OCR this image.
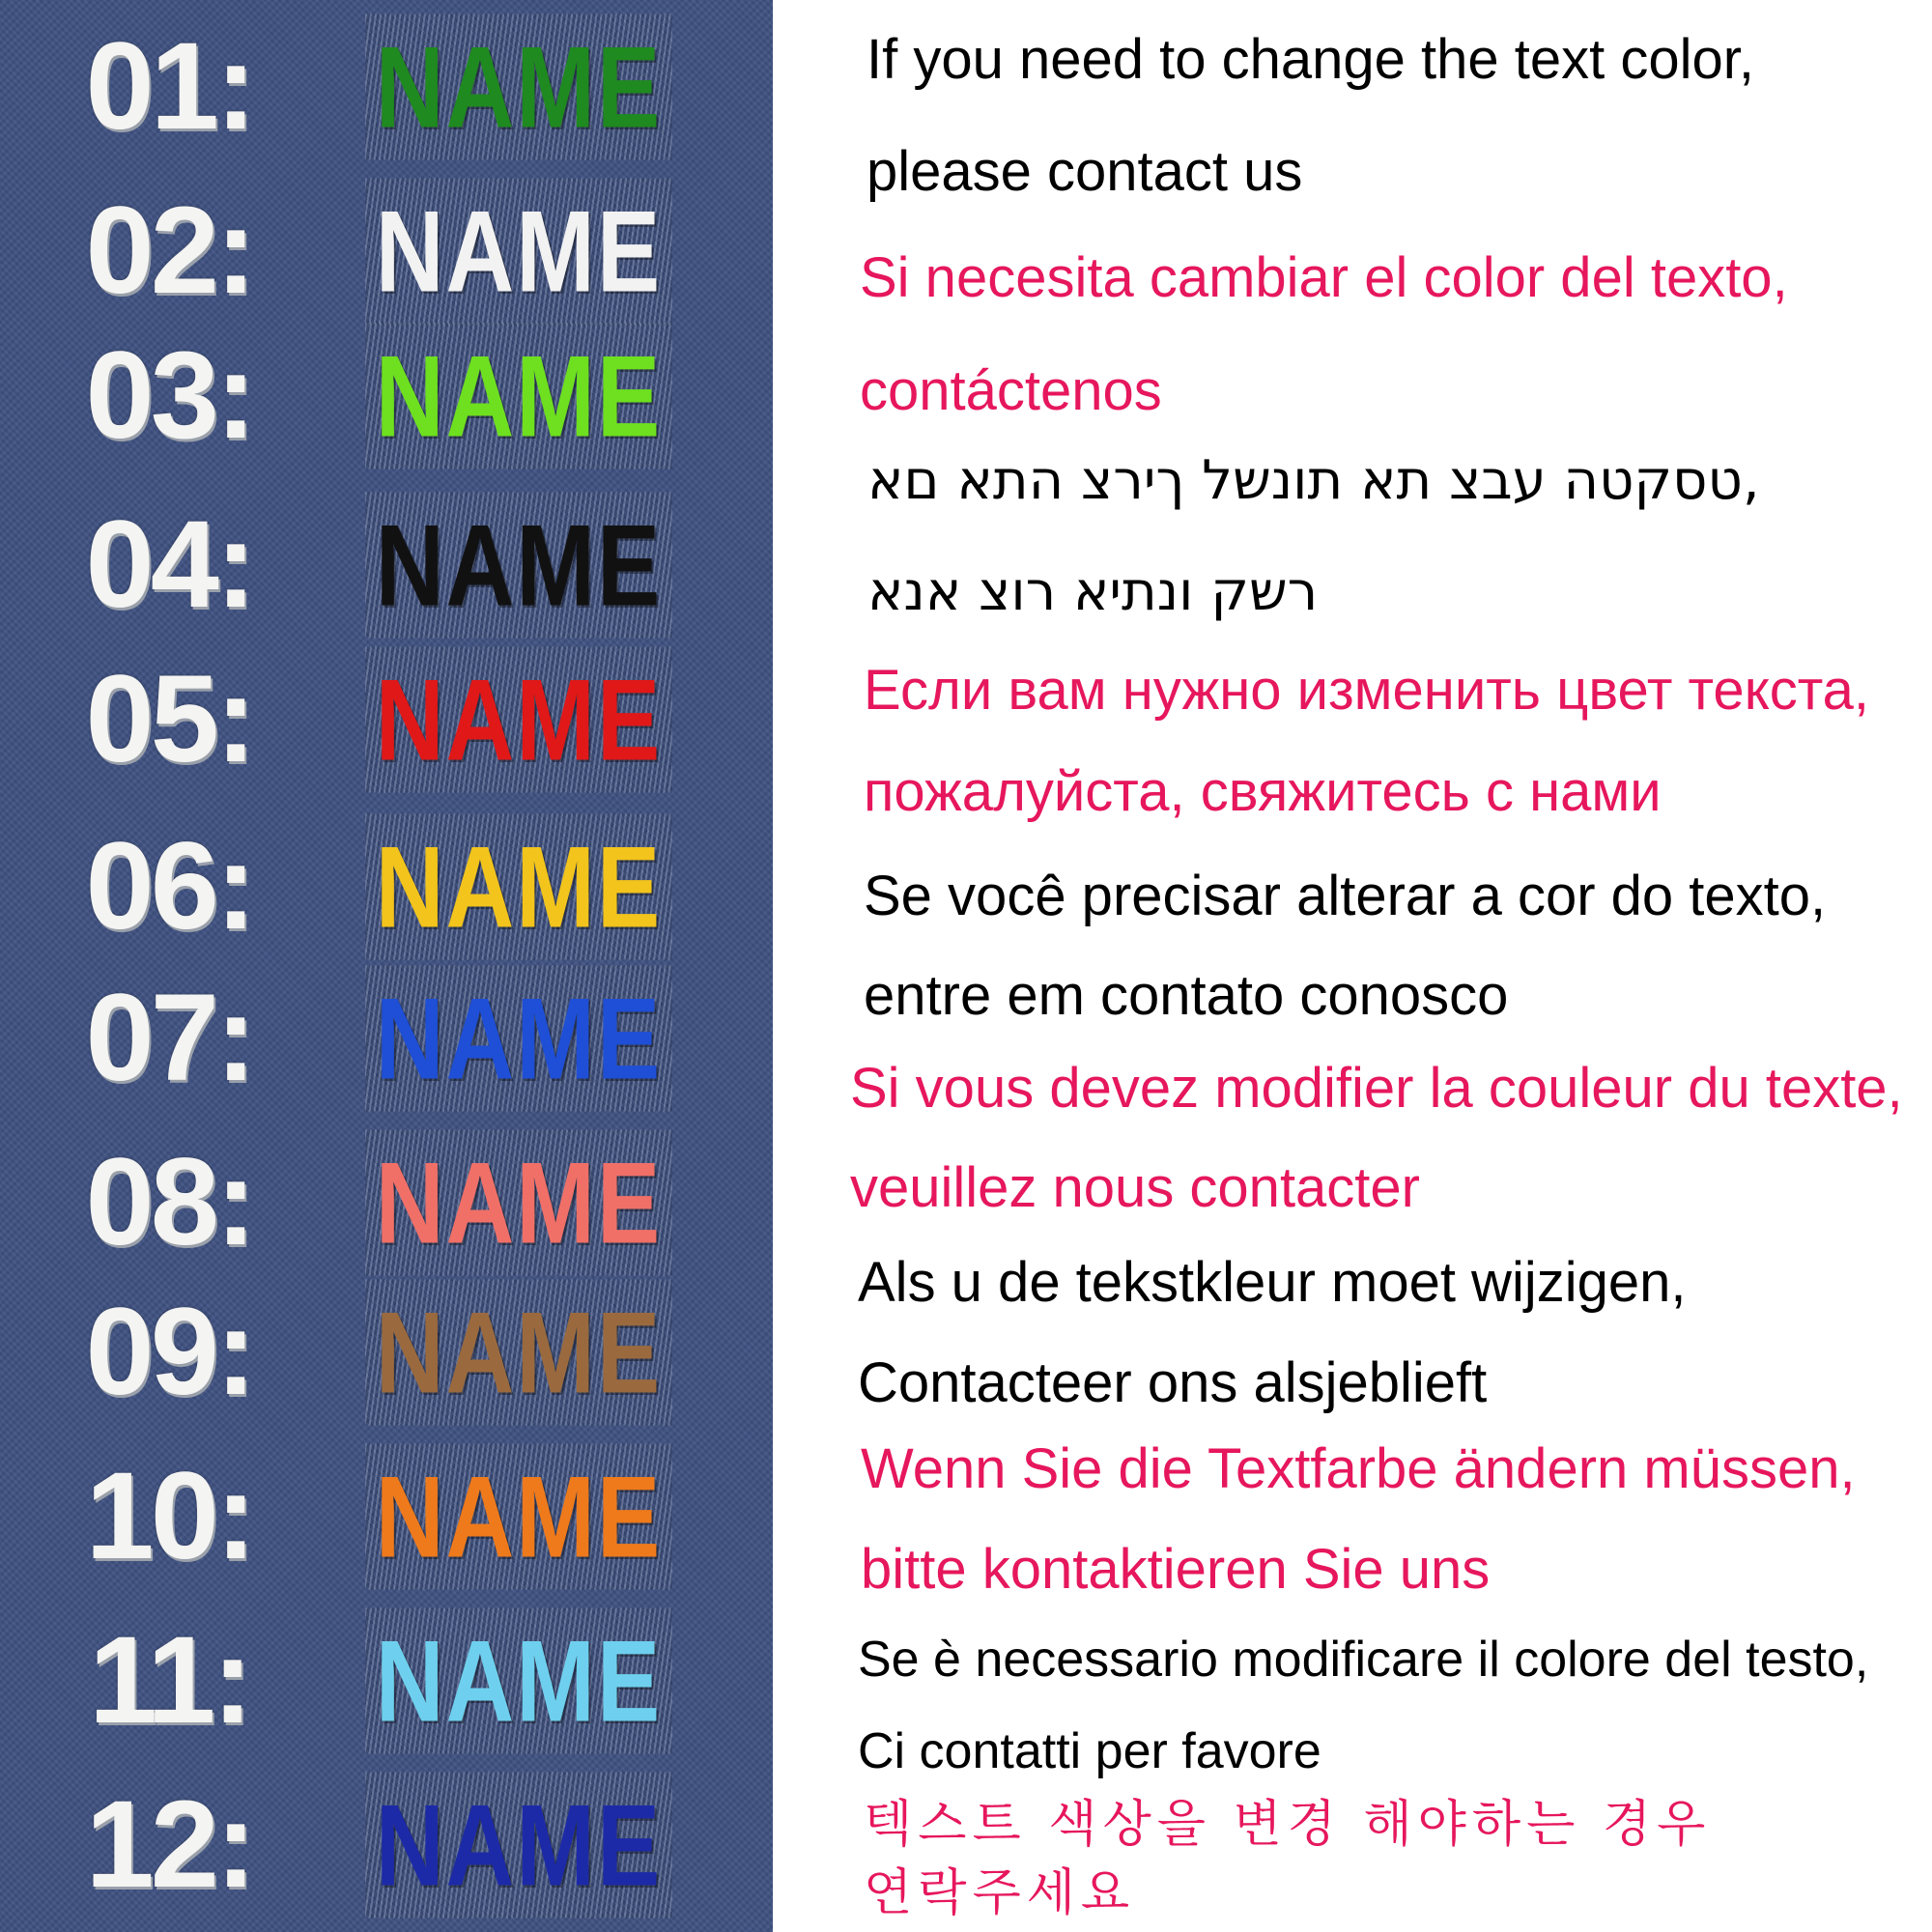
01: NAME
02: NAME
03: NAME
04: NAME
05: NAME
06: NAME
07: NAME
08: NAME
09: NAME
10: NAME
11: NAME
12: NAME
If you need to change the text color,
please contact us
Si necesita cambiar el color del texto,
contáctenos
טסקטה עבצ תא תונשל ךירצ התא םא,
רשק ונתיא רוצ אנא
Если вам нужно изменить цвет текста,
пожалуйста, свяжитесь с нами
Se você precisar alterar a cor do texto,
entre em contato conosco
Si vous devez modifier la couleur du texte,
veuillez nous contacter
Als u de tekstkleur moet wijzigen,
Contacteer ons alsjeblieft
Wenn Sie die Textfarbe ändern müssen,
bitte kontaktieren Sie uns
Se è necessario modificare il colore del testo,
Ci contatti per favore
텍스트 색상을 변경 해야하는 경우
연락주세요
